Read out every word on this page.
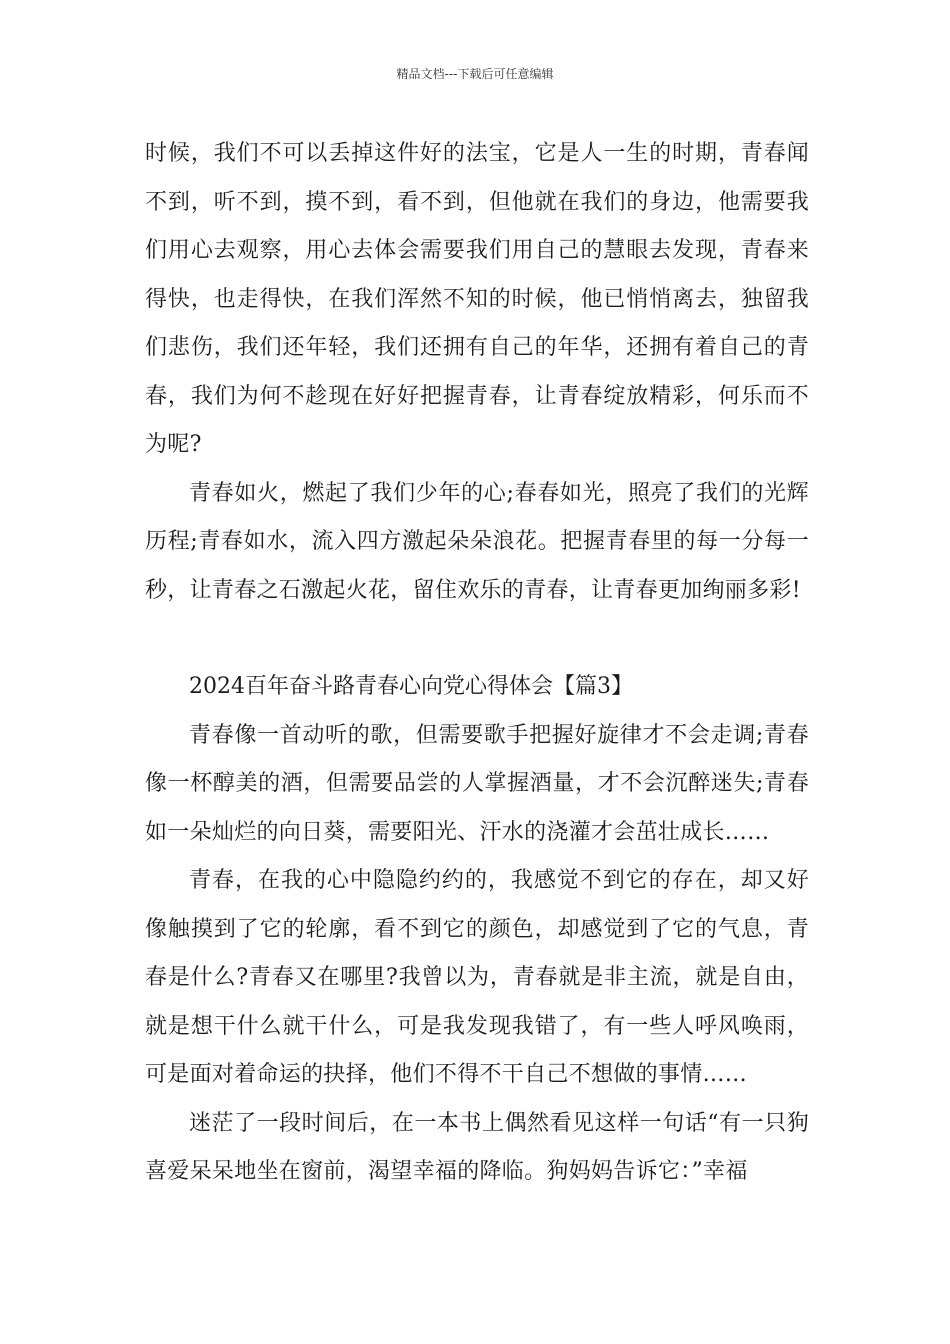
精品文档---下载后可任意编辑

时候，我们不可以丢掉这件好的法宝，它是人一生的时期，青春闻不到，听不到，摸不到，看不到，但他就在我们的身边，他需要我们用心去观察，用心去体会需要我们用自己的慧眼去发现，青春来得快，也走得快，在我们浑然不知的时候，他已悄悄离去，独留我们悲伤，我们还年轻，我们还拥有自己的年华，还拥有着自己的青春，我们为何不趁现在好好把握青春，让青春绽放精彩，何乐而不为呢?

青春如火，燃起了我们少年的心;春春如光，照亮了我们的光辉历程;青春如水，流入四方激起朵朵浪花。把握青春里的每一分每一秒，让青春之石激起火花，留住欢乐的青春，让青春更加绚丽多彩!

2024百年奋斗路青春心向党心得体会【篇3】

青春像一首动听的歌，但需要歌手把握好旋律才不会走调;青春像一杯醇美的酒，但需要品尝的人掌握酒量，才不会沉醉迷失;青春如一朵灿烂的向日葵，需要阳光、汗水的浇灌才会茁壮成长……

青春，在我的心中隐隐约约的，我感觉不到它的存在，却又好像触摸到了它的轮廓，看不到它的颜色，却感觉到了它的气息，青春是什么?青春又在哪里?我曾以为，青春就是非主流，就是自由，就是想干什么就干什么，可是我发现我错了，有一些人呼风唤雨，可是面对着命运的抉择，他们不得不干自己不想做的事情……

迷茫了一段时间后，在一本书上偶然看见这样一句话“有一只狗喜爱呆呆地坐在窗前，渴望幸福的降临。狗妈妈告诉它：”幸福
